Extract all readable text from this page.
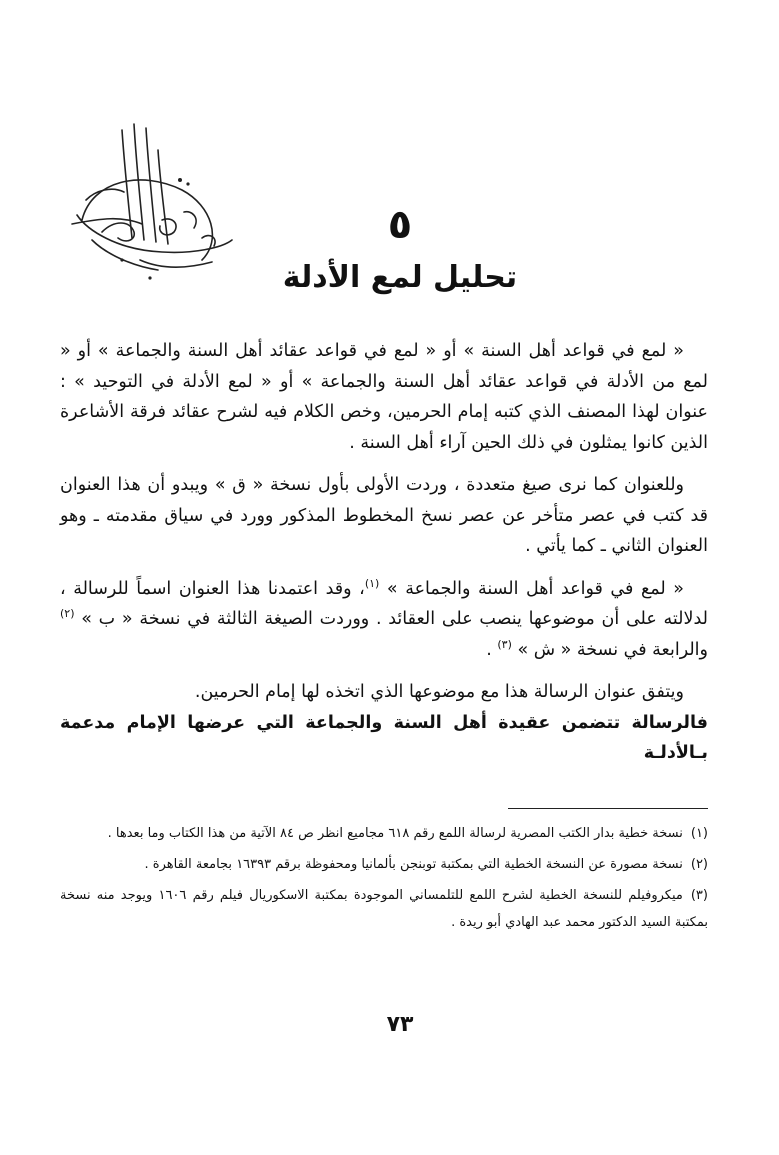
٥
تحليل لمع الأدلة

« لمع في قواعد أهل السنة » أو « لمع في قواعد عقائد أهل السنة والجماعة » أو « لمع من الأدلة في قواعد عقائد أهل السنة والجماعة » أو « لمع الأدلة في التوحيد » : عنوان لهذا المصنف الذي كتبه إمام الحرمين، وخص الكلام فيه لشرح عقائد فرقة الأشاعرة الذين كانوا يمثلون في ذلك الحين آراء أهل السنة .

وللعنوان كما نرى صيغ متعددة ، وردت الأولى بأول نسخة « ق » ويبدو أن هذا العنوان قد كتب في عصر متأخر عن عصر نسخ المخطوط المذكور وورد في سياق مقدمته ـ وهو العنوان الثاني ـ كما يأتي .

« لمع في قواعد أهل السنة والجماعة » $^{(١)}$، وقد اعتمدنا هذا العنوان اسماً للرسالة ، لدلالته على أن موضوعها ينصب على العقائد . ووردت الصيغة الثالثة في نسخة « ب » $^{(٢)}$ والرابعة في نسخة « ش » $^{(٣)}$ .

ويتفق عنوان الرسالة هذا مع موضوعها الذي اتخذه لها إمام الحرمين.

فالرسالة تتضمن عقيدة أهل السنة والجماعة التي عرضها الإمام مدعمة بـالأدلـة

(١)نسخة خطية بدار الكتب المصرية لرسالة اللمع رقم ٦١٨ مجاميع انظر ص ٨٤ الآتية من هذا الكتاب وما بعدها .
(٢)نسخة مصورة عن النسخة الخطية التي بمكتبة توبنجن بألمانيا ومحفوظة برقم ١٦٣٩٣ بجامعة القاهرة .
(٣)ميكروفيلم للنسخة الخطية لشرح اللمع للتلمساني الموجودة بمكتبة الاسكوريال فيلم رقم ١٦٠٦ ويوجد منه نسخة بمكتبة السيد الدكتور محمد عبد الهادي أبو ريدة .
٧٣
